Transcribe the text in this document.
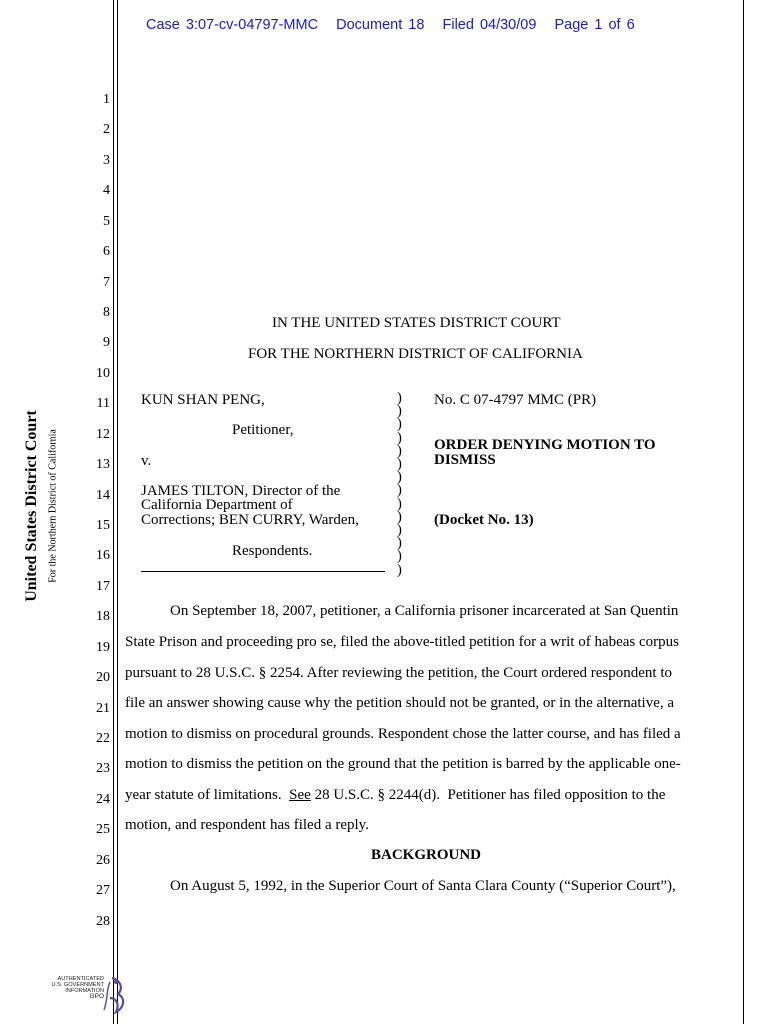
Case 3:07-cv-04797-MMC Document 18 Filed 04/30/09 Page 1 of 6
United States District Court For the Northern District of California
1
2
3
4
5
6
7
8
9
10
11
12
13
14
15
16
17
18
19
20
21
22
23
24
25
26
27
28
IN THE UNITED STATES DISTRICT COURT
FOR THE NORTHERN DISTRICT OF CALIFORNIA
KUN SHAN PENG,
Petitioner,
v.
JAMES TILTON, Director of the
California Department of
Corrections; BEN CURRY, Warden,
Respondents.
)
)
)
)
)
)
)
)
)
)
)
)
)
)
No. C 07-4797 MMC (PR)
ORDER DENYING MOTION TO
DISMISS
(Docket No. 13)
On September 18, 2007, petitioner, a California prisoner incarcerated at San Quentin
State Prison and proceeding pro se, filed the above-titled petition for a writ of habeas corpus
pursuant to 28 U.S.C. § 2254. After reviewing the petition, the Court ordered respondent to
file an answer showing cause why the petition should not be granted, or in the alternative, a
motion to dismiss on procedural grounds. Respondent chose the latter course, and has filed a
motion to dismiss the petition on the ground that the petition is barred by the applicable one-
year statute of limitations.  See 28 U.S.C. § 2244(d).  Petitioner has filed opposition to the
motion, and respondent has filed a reply.
BACKGROUND
On August 5, 1992, in the Superior Court of Santa Clara County (“Superior Court”),
AUTHENTICATED
U.S. GOVERNMENT
INFORMATION
GPO
